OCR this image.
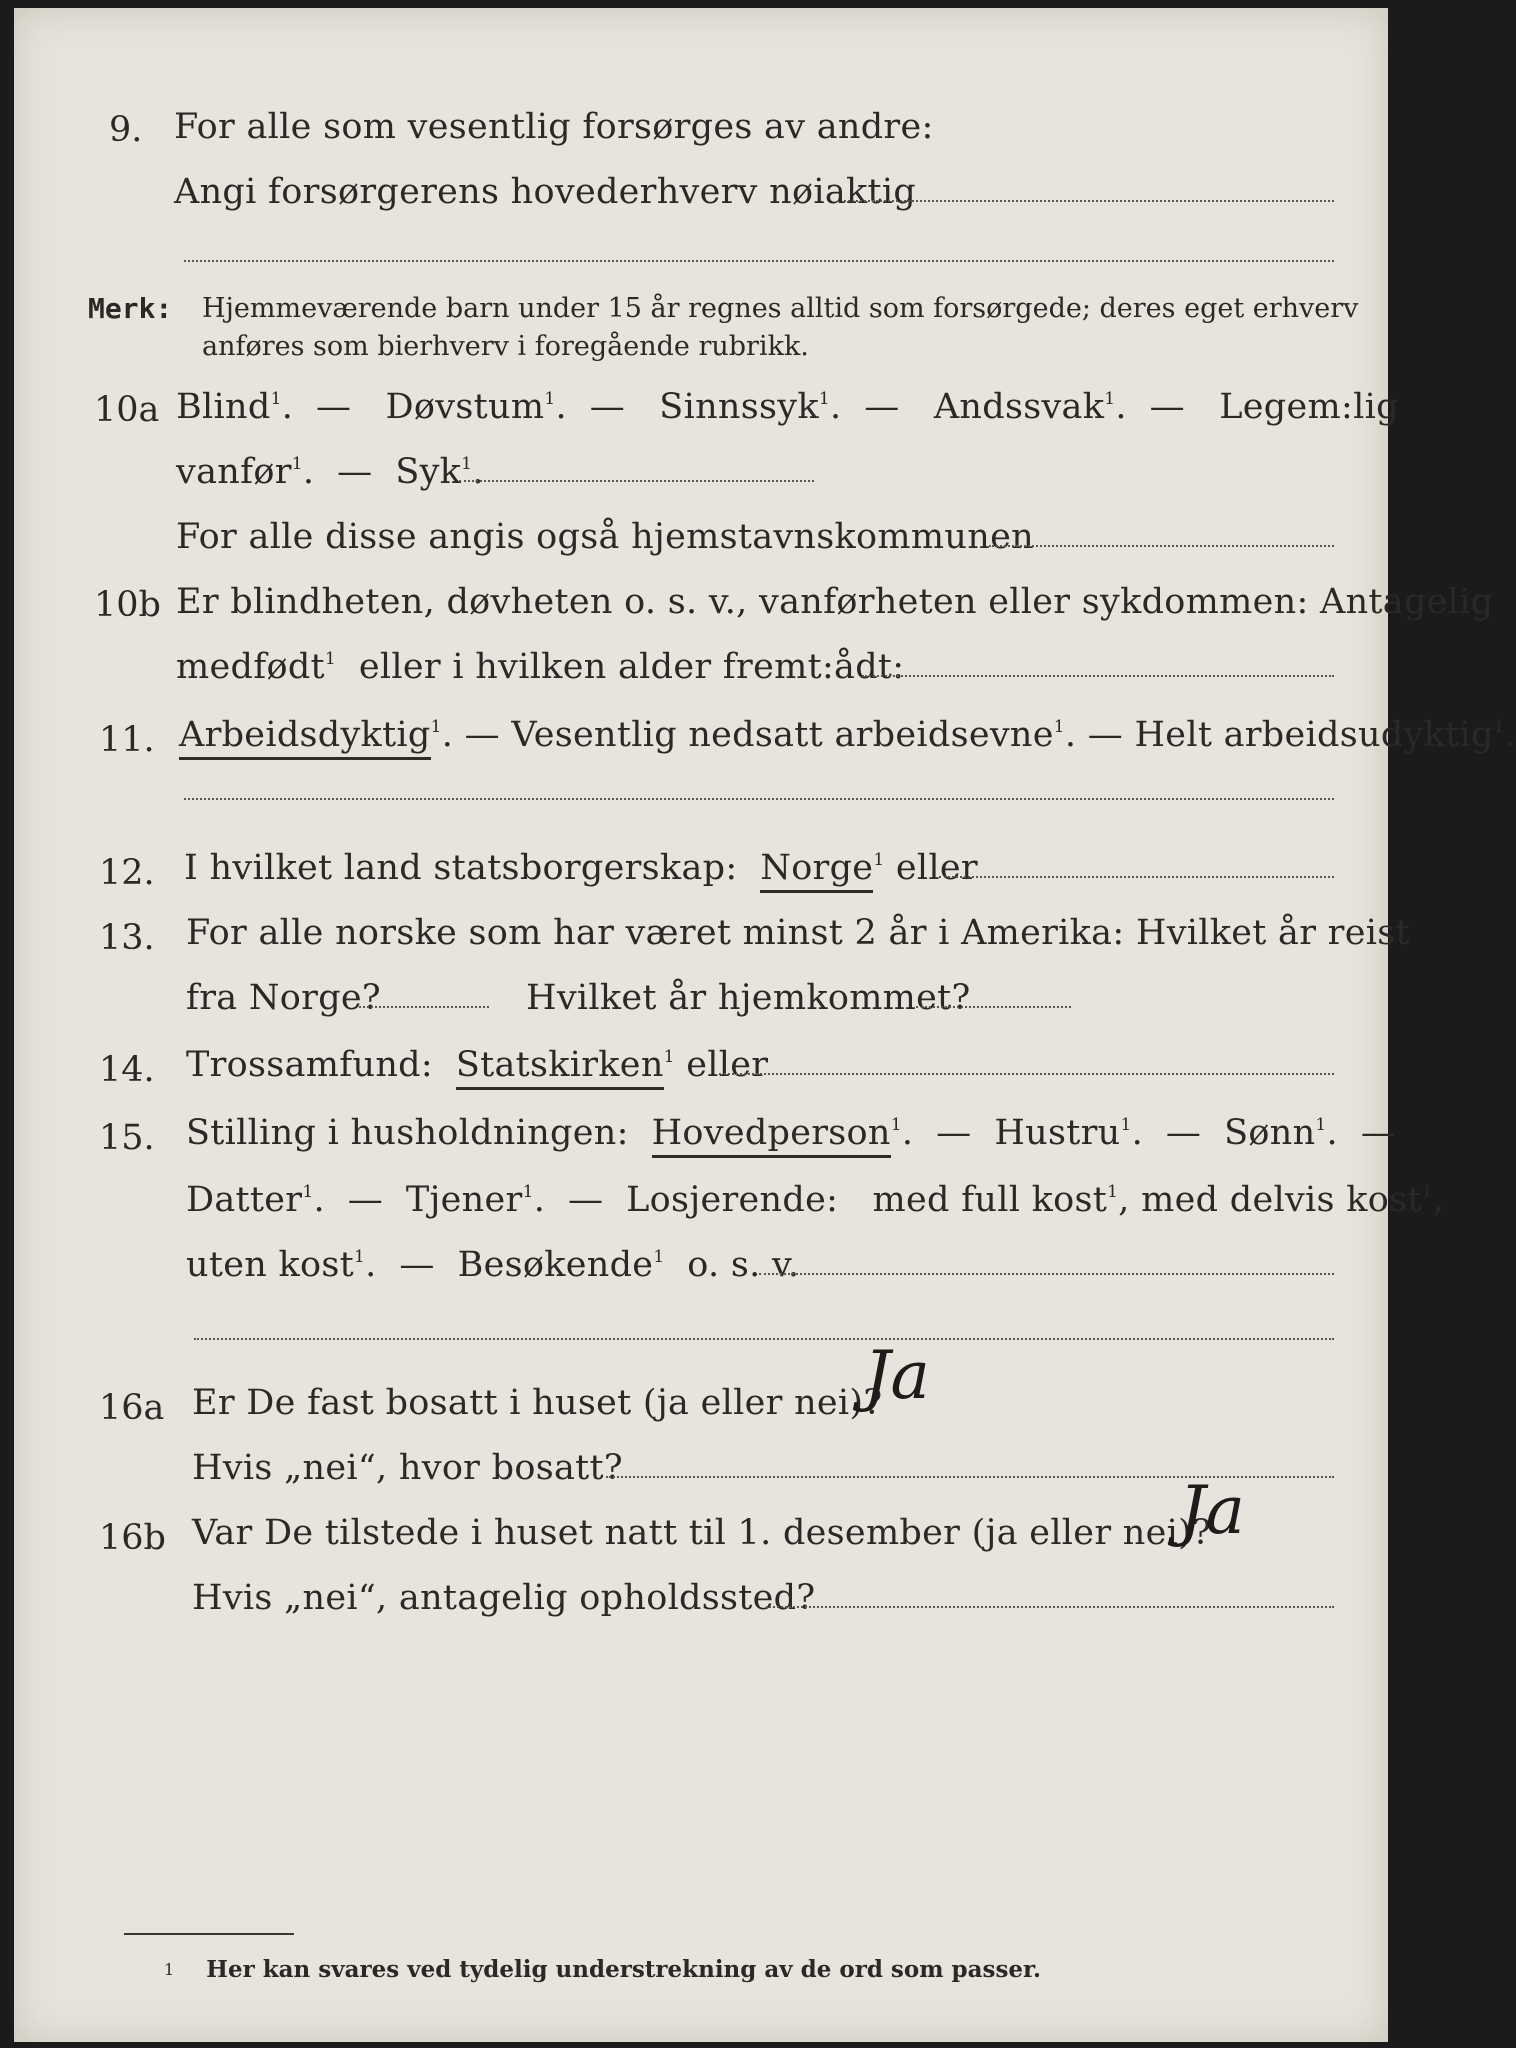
9. For alle som vesentlig forsørges av andre:
Angi forsørgerens hovederhverv nøiaktig
Merk: Hjemmeværende barn under 15 år regnes alltid som forsørgede; deres eget erhverv
anføres som bierhverv i foregående rubrikk.
10a Blind$^1$.  —   Døvstum$^1$.  —   Sinnssyk$^1$.  —   Andssvak$^1$.  —   Legem:lig
vanfør$^1$.  —  Syk$^1$.
For alle disse angis også hjemstavnskommunen
10b Er blindheten, døvheten o. s. v., vanførheten eller sykdommen: Antagelig
medfødt$^1$ eller i hvilken alder fremt:ådt:
11. Arbeidsdyktig$^1$. — Vesentlig nedsatt arbeidsevne$^1$. — Helt arbeidsudyktig$^1$.
12. I hvilket land statsborgerskap: Norge$^1$ eller
13. For alle norske som har været minst 2 år i Amerika: Hvilket år reist
fra Norge?	Hvilket år hjemkommet?
14. Trossamfund: Statskirken$^1$ eller
15. Stilling i husholdningen: Hovedperson$^1$.  —  Hustru$^1$.  —  Sønn$^1$.  —
Datter$^1$.  —  Tjener$^1$.  —  Losjerende: med full kost$^1$, med delvis kost$^1$,
uten kost$^1$.  —  Besøkende$^1$ o. s. v.
16a Er De fast bosatt i huset (ja eller nei)?
Ja
Hvis „nei“, hvor bosatt?
16b Var De tilstede i huset natt til 1. desember (ja eller nei)?
Ja
Hvis „nei“, antagelig opholdssted?
1 Her kan svares ved tydelig understrekning av de ord som passer.
